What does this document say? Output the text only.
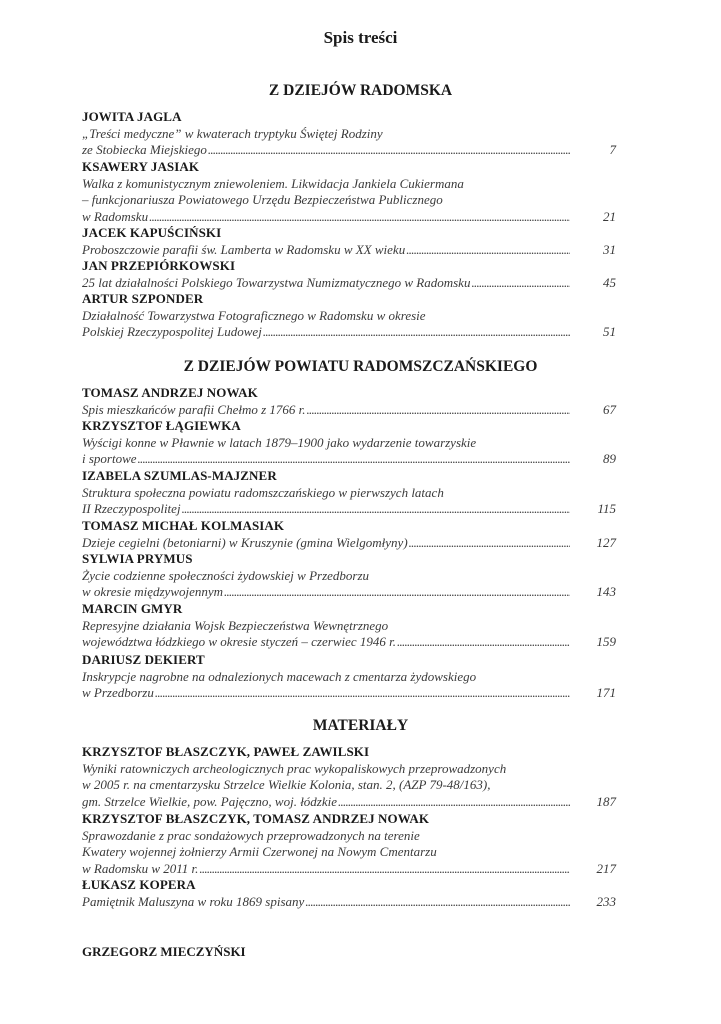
Spis treści
Z DZIEJÓW RADOMSKA
JOWITA JAGLA
„Treści medyczne” w kwaterach tryptyku Świętej Rodziny
ze Stobiecka Miejskiego . . .	7
KSAWERY JASIAK
Walka z komunistycznym zniewoleniem. Likwidacja Jankiela Cukiermana
– funkcjonariusza Powiatowego Urzędu Bezpieczeństwa Publicznego
w Radomsku . . .	21
JACEK KAPUŚCIŃSKI
Proboszczowie parafii św. Lamberta w Radomsku w XX wieku . . .	31
JAN PRZEPIÓRKOWSKI
25 lat działalności Polskiego Towarzystwa Numizmatycznego w Radomsku . . .	45
ARTUR SZPONDER
Działalność Towarzystwa Fotograficznego w Radomsku w okresie
Polskiej Rzeczypospolitej Ludowej . . .	51
Z DZIEJÓW POWIATU RADOMSZCZAŃSKIEGO
TOMASZ ANDRZEJ NOWAK
Spis mieszkańców parafii Chełmo z 1766 r. . . .	67
KRZYSZTOF ŁĄGIEWKA
Wyścigi konne w Pławnie w latach 1879–1900 jako wydarzenie towarzyskie
i sportowe . . .	89
IZABELA SZUMLAS-MAJZNER
Struktura społeczna powiatu radomszczańskiego w pierwszych latach
II Rzeczypospolitej . . .	115
TOMASZ MICHAŁ KOLMASIAK
Dzieje cegielni (betoniarni) w Kruszynie (gmina Wielgomłyny) . . .	127
SYLWIA PRYMUS
Życie codzienne społeczności żydowskiej w Przedborzu
w okresie międzywojennym . . .	143
MARCIN GMYR
Represyjne działania Wojsk Bezpieczeństwa Wewnętrznego
województwa łódzkiego w okresie styczeń – czerwiec 1946 r. . . .	159
DARIUSZ DEKIERT
Inskrypcje nagrobne na odnalezionych macewach z cmentarza żydowskiego
w Przedborzu . . .	171
MATERIAŁY
KRZYSZTOF BŁASZCZYK, PAWEŁ ZAWILSKI
Wyniki ratowniczych archeologicznych prac wykopaliskowych przeprowadzonych
w 2005 r. na cmentarzysku Strzelce Wielkie Kolonia, stan. 2, (AZP 79-48/163),
gm. Strzelce Wielkie, pow. Pajęczno, woj. łódzkie . . .	187
KRZYSZTOF BŁASZCZYK, TOMASZ ANDRZEJ NOWAK
Sprawozdanie z prac sondażowych przeprowadzonych na terenie
Kwatery wojennej żołnierzy Armii Czerwonej na Nowym Cmentarzu
w Radomsku w 2011 r. . . .	217
ŁUKASZ KOPERA
Pamiętnik Maluszyna w roku 1869 spisany . . .	233
GRZEGORZ MIECZYŃSKI
